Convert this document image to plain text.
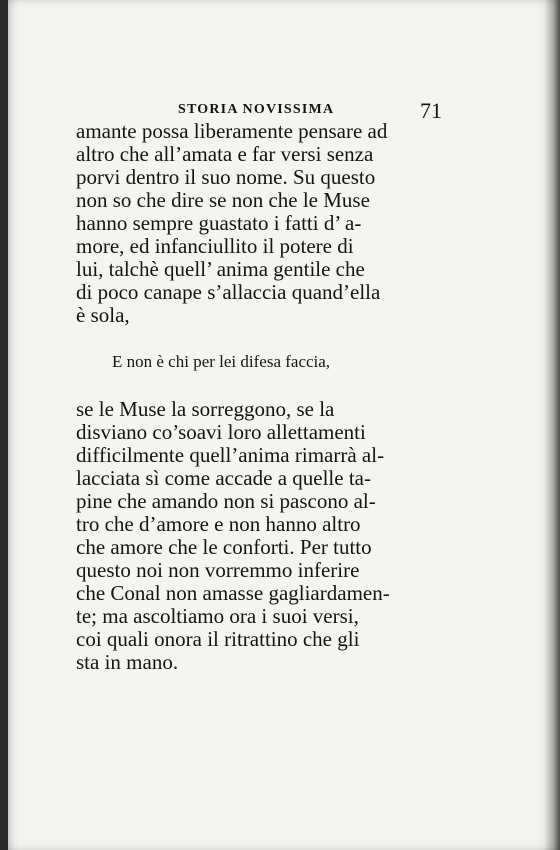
STORIA NOVISSIMA	71
amante possa liberamente pensare ad
altro che all’amata e far versi senza
porvi dentro il suo nome. Su questo
non so che dire se non che le Muse
hanno sempre guastato i fatti d’ a-
more, ed infanciullito il potere di
lui, talchè quell’ anima gentile che
di poco canape s’allaccia quand’ella
è sola,
E non è chi per lei difesa faccia,
se le Muse la sorreggono, se la
disviano co’soavi loro allettamenti
difficilmente quell’anima rimarrà al-
lacciata sì come accade a quelle ta-
pine che amando non si pascono al-
tro che d’amore e non hanno altro
che amore che le conforti. Per tutto
questo noi non vorremmo inferire
che Conal non amasse gagliardamen-
te; ma ascoltiamo ora i suoi versi,
coi quali onora il ritrattino che gli
sta in mano.
